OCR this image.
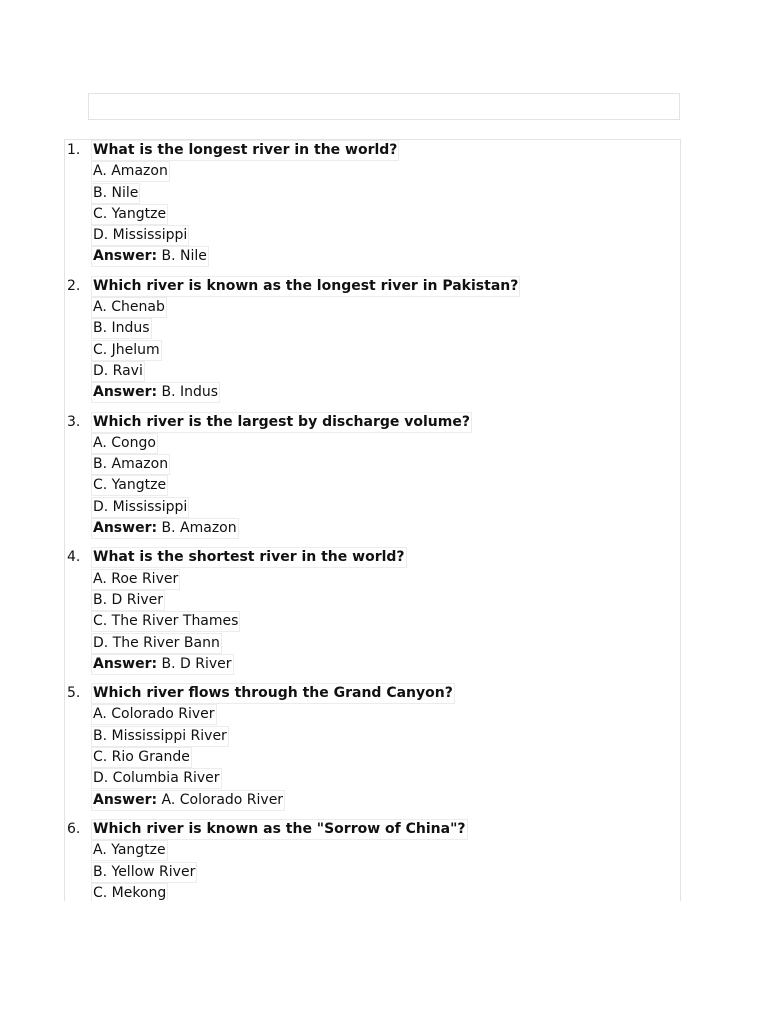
1. What is the longest river in the world?
A. Amazon
B. Nile
C. Yangtze
D. Mississippi
Answer: B. Nile
2. Which river is known as the longest river in Pakistan?
A. Chenab
B. Indus
C. Jhelum
D. Ravi
Answer: B. Indus
3. Which river is the largest by discharge volume?
A. Congo
B. Amazon
C. Yangtze
D. Mississippi
Answer: B. Amazon
4. What is the shortest river in the world?
A. Roe River
B. D River
C. The River Thames
D. The River Bann
Answer: B. D River
5. Which river flows through the Grand Canyon?
A. Colorado River
B. Mississippi River
C. Rio Grande
D. Columbia River
Answer: A. Colorado River
6. Which river is known as the "Sorrow of China"?
A. Yangtze
B. Yellow River
C. Mekong
